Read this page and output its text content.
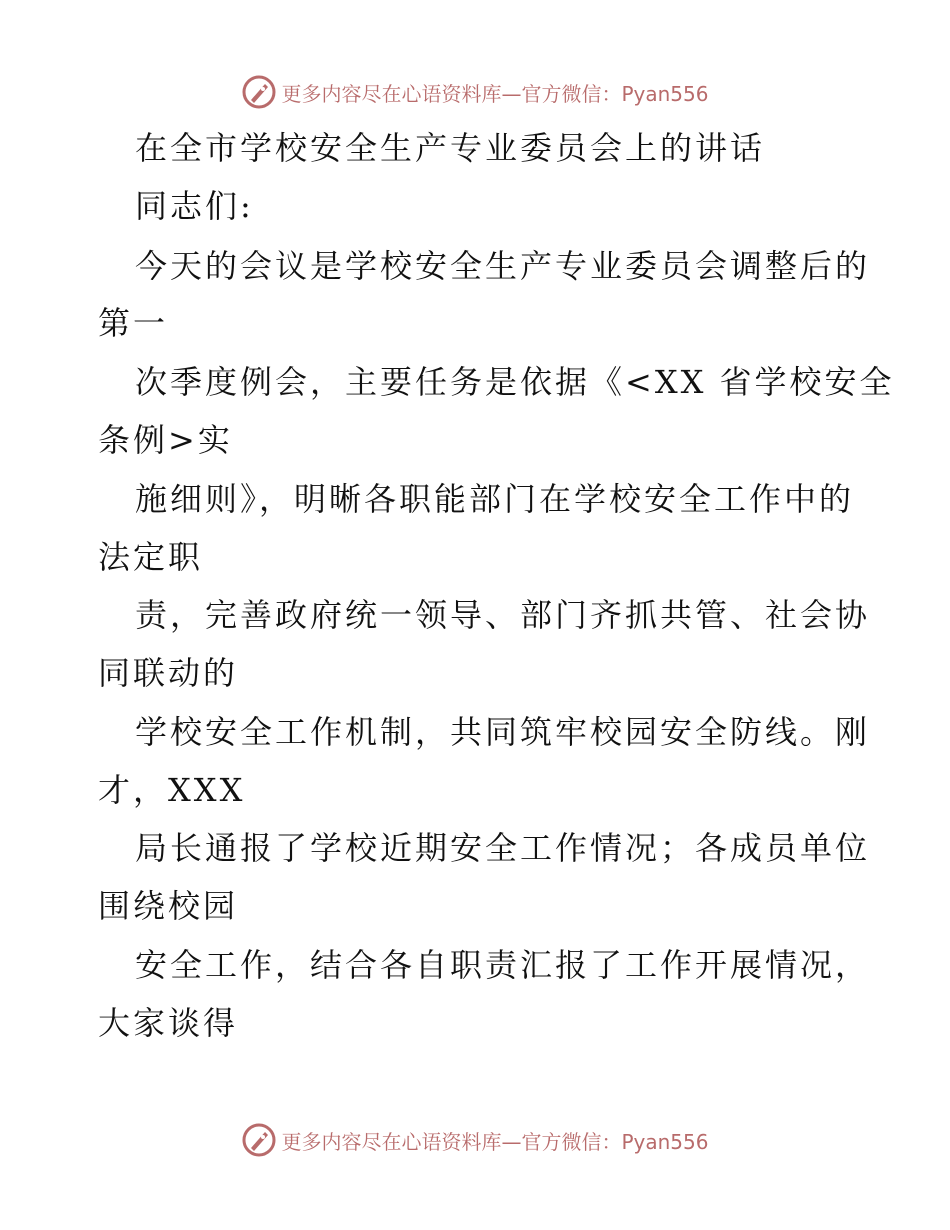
更多内容尽在心语资料库—官方微信：Pyan556
在全市学校安全生产专业委员会上的讲话
同志们:
今天的会议是学校安全生产专业委员会调整后的
第一
次季度例会，主要任务是依据《<XX 省学校安全
条例>实
施细则》，明晰各职能部门在学校安全工作中的
法定职
责，完善政府统一领导、部门齐抓共管、社会协
同联动的
学校安全工作机制，共同筑牢校园安全防线。刚
才，XXX
局长通报了学校近期安全工作情况；各成员单位
围绕校园
安全工作，结合各自职责汇报了工作开展情况，
大家谈得
更多内容尽在心语资料库—官方微信：Pyan556
